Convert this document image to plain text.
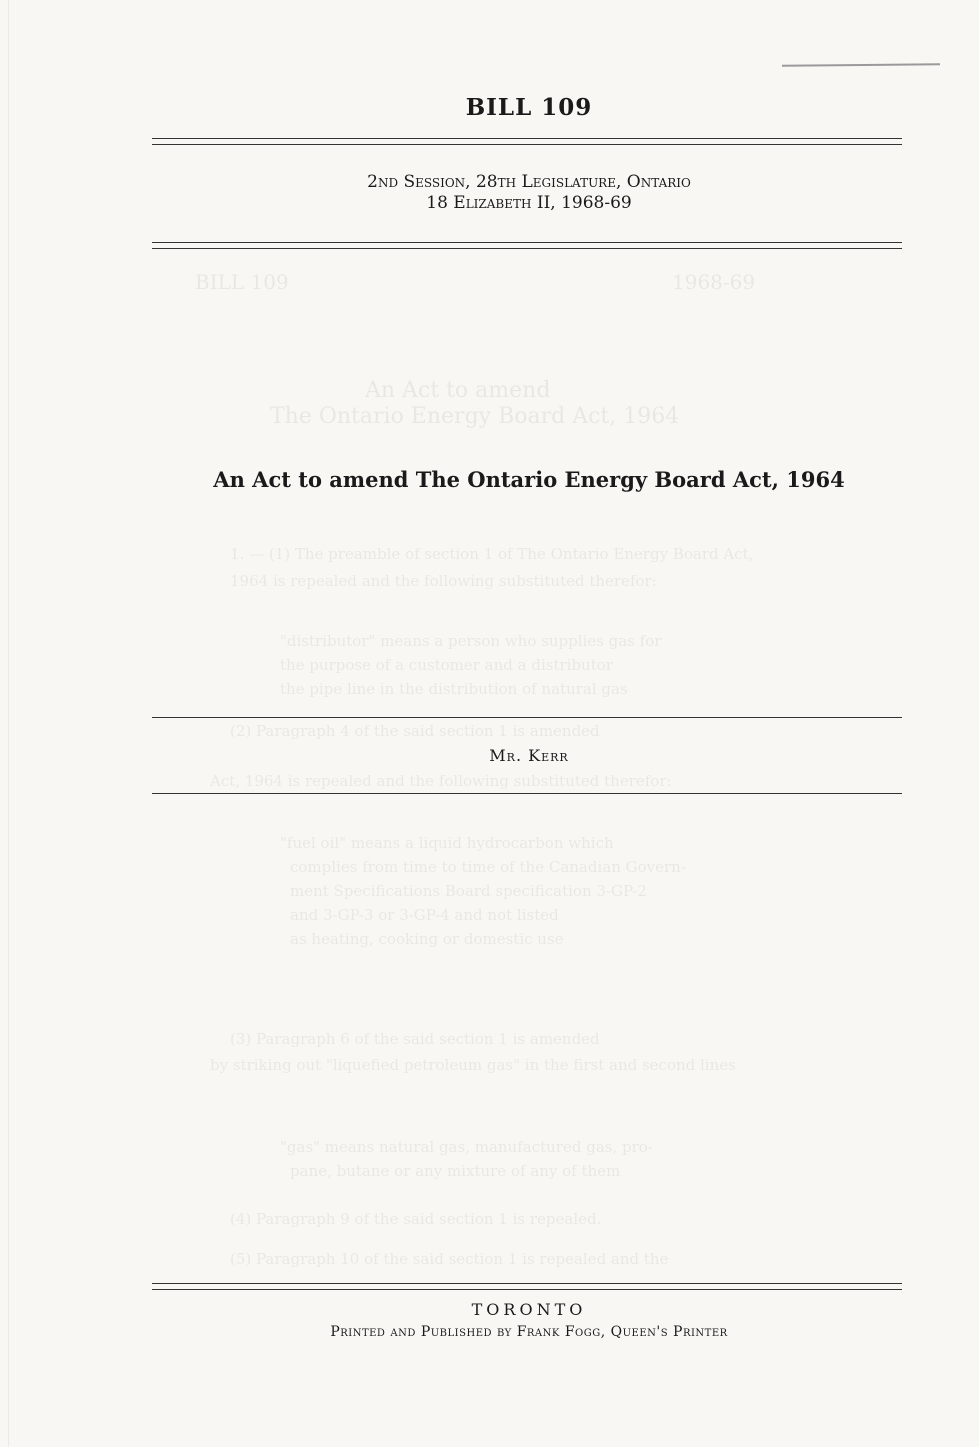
BILL 109
2nd Session, 28th Legislature, Ontario
18 Elizabeth II, 1968-69
BILL 109	1968-69
An Act to amend
The Ontario Energy Board Act, 1964
1. — (1) The preamble of section 1 of The Ontario Energy Board Act,
1964 is repealed and the following substituted therefor:
"distributor" means a person who supplies gas for
the purpose of a customer and a distributor
the pipe line in the distribution of natural gas
(2) Paragraph 4 of the said section 1 is amended
Act, 1964 is repealed and the following substituted therefor:
"fuel oil" means a liquid hydrocarbon which
complies from time to time of the Canadian Govern-
ment Specifications Board specification 3-GP-2
and 3-GP-3 or 3-GP-4 and not listed
as heating, cooking or domestic use
(3) Paragraph 6 of the said section 1 is amended
by striking out "liquefied petroleum gas" in the first and second lines
"gas" means natural gas, manufactured gas, pro-
pane, butane or any mixture of any of them
(4) Paragraph 9 of the said section 1 is repealed.
(5) Paragraph 10 of the said section 1 is repealed and the
An Act to amend The Ontario Energy Board Act, 1964
Mr. Kerr
TORONTO
Printed and Published by Frank Fogg, Queen's Printer
